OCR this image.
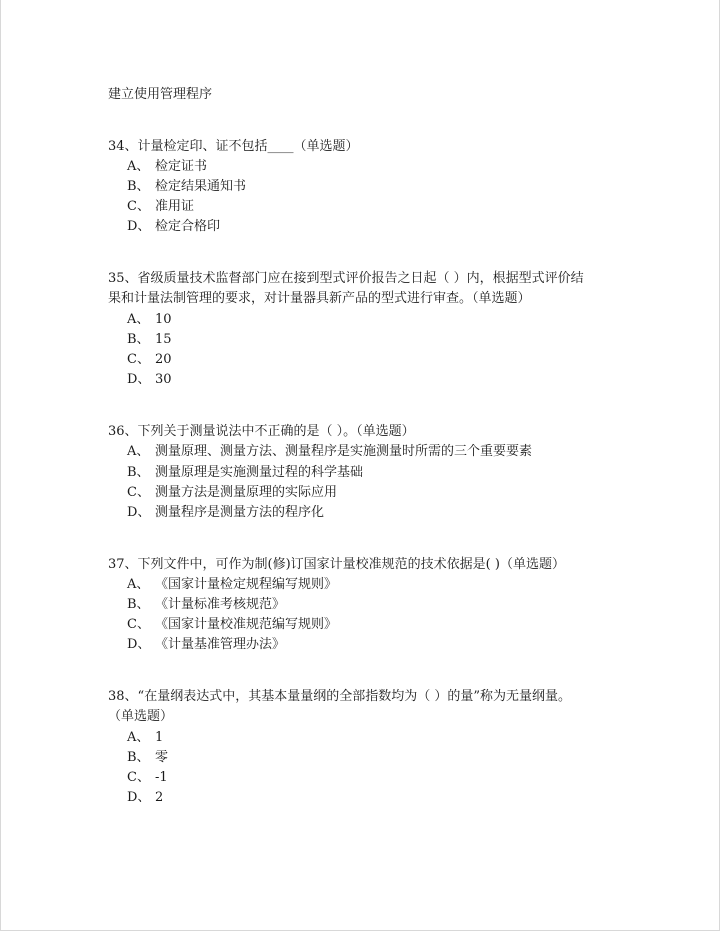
建立使用管理程序
34、计量检定印、证不包括____（单选题）
A、 检定证书
B、 检定结果通知书
C、 准用证
D、 检定合格印
35、省级质量技术监督部门应在接到型式评价报告之日起（ ）内，根据型式评价结
果和计量法制管理的要求，对计量器具新产品的型式进行审查。（单选题）
A、 10
B、 15
C、 20
D、 30
36、下列关于测量说法中不正确的是（ ）。（单选题）
A、 测量原理、测量方法、测量程序是实施测量时所需的三个重要要素
B、 测量原理是实施测量过程的科学基础
C、 测量方法是测量原理的实际应用
D、 测量程序是测量方法的程序化
37、下列文件中，可作为制(修)订国家计量校准规范的技术依据是( )（单选题）
A、 《国家计量检定规程编写规则》
B、 《计量标准考核规范》
C、 《国家计量校准规范编写规则》
D、 《计量基准管理办法》
38、“在量纲表达式中，其基本量量纲的全部指数均为（ ）的量”称为无量纲量。
（单选题）
A、 1
B、 零
C、 -1
D、 2
